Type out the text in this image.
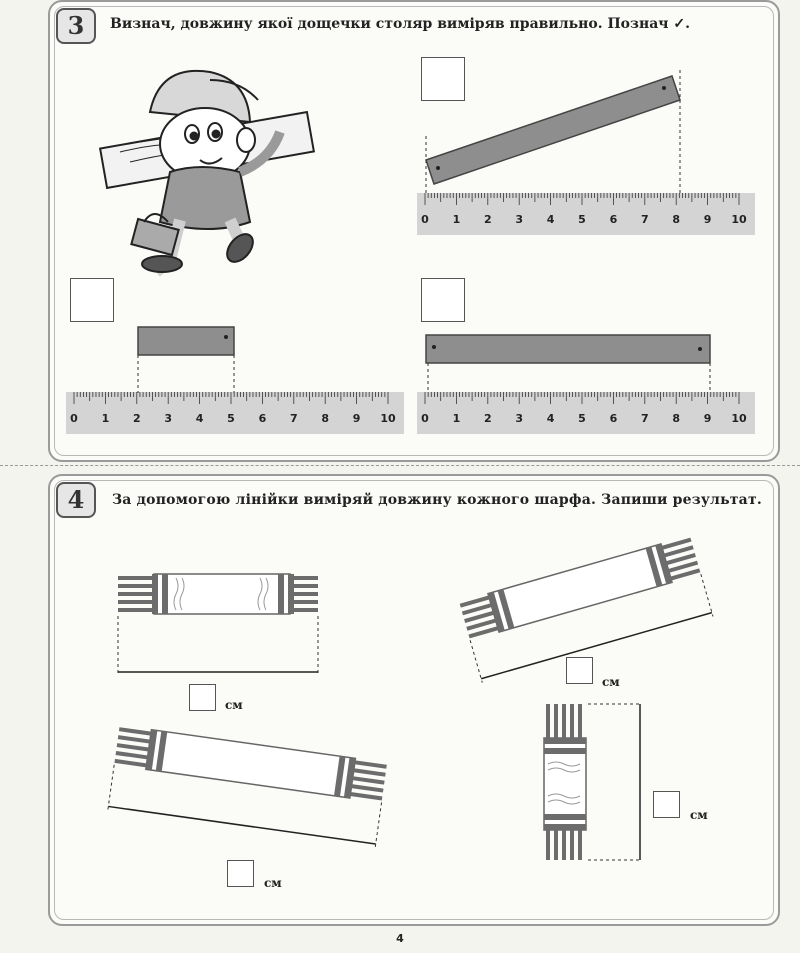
3	Визнач, довжину якої дощечки столяр виміряв правильно. Познач ✓.
0 1 2 3 4 5 6 7 8 9 10
0 1 2 3 4 5 6 7 8 9 10 0 1 2 3 4 5 6 7 8 9 10
4	За допомогою лінійки виміряй довжину кожного шарфа. Запиши результат.
см
см
см
см
4
